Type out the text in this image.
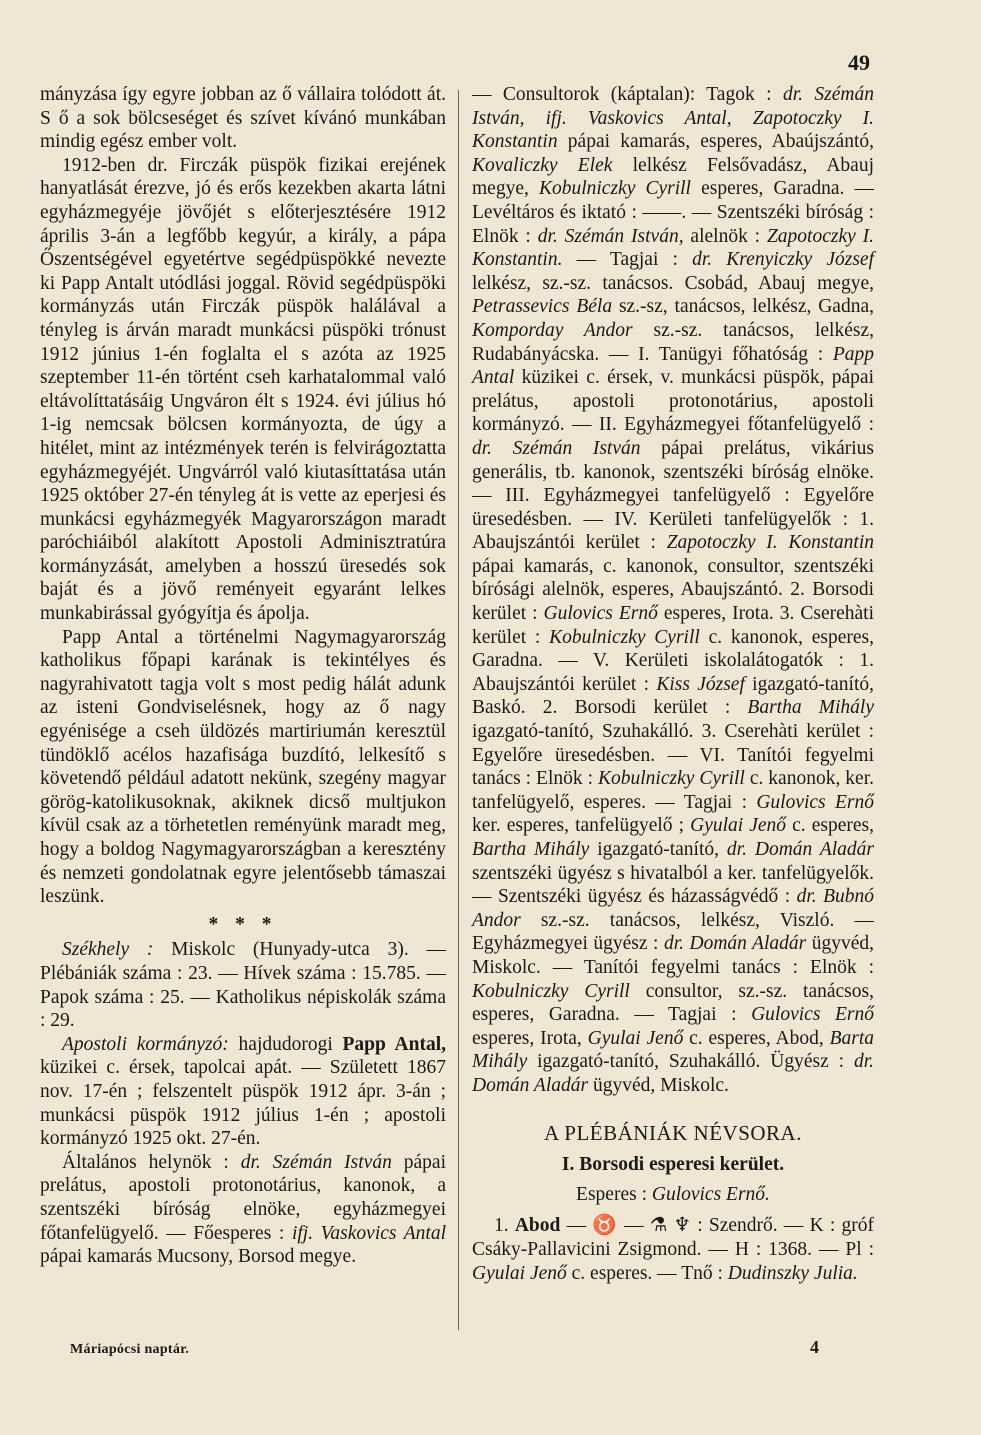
49

mányzása így egyre jobban az ő vállaira tolódott át. S ő a sok bölcseséget és szívet kívánó munkában mindig egész ember volt.

1912-ben dr. Firczák püspök fizikai erejének hanyatlását érezve, jó és erős kezekben akarta látni egyházmegyéje jövőjét s előterjesztésére 1912 április 3-án a legfőbb kegyúr, a király, a pápa Őszentségével egyetértve segédpüspökké nevezte ki Papp Antalt utódlási joggal. Rövid segédpüspöki kormányzás után Firczák püspök halálával a tényleg is árván maradt munkácsi püspöki trónust 1912 június 1-én foglalta el s azóta az 1925 szeptember 11-én történt cseh karhatalommal való eltávolíttatásáig Ungváron élt s 1924. évi július hó 1-ig nemcsak bölcsen kormányozta, de úgy a hitélet, mint az intézmények terén is felvirágoztatta egyházmegyéjét. Ungvárról való kiutasíttatása után 1925 október 27-én tényleg át is vette az eperjesi és munkácsi egyházmegyék Magyarországon maradt paróchiáiból alakított Apostoli Adminisztratúra kormányzását, amelyben a hosszú üresedés sok baját és a jövő reményeit egyaránt lelkes munkabirással gyógyítja és ápolja.

Papp Antal a történelmi Nagymagyarország katholikus főpapi karának is tekintélyes és nagyrahivatott tagja volt s most pedig hálát adunk az isteni Gondviselésnek, hogy az ő nagy egyénisége a cseh üldözés martiriumán keresztül tündöklő acélos hazafisága buzdító, lelkesítő s követendő például adatott nekünk, szegény magyar görög-katolikusoknak, akiknek dicső multjukon kívül csak az a törhetetlen reményünk maradt meg, hogy a boldog Nagymagyarországban a keresztény és nemzeti gondolatnak egyre jelentősebb támaszai leszünk.

* * *

Székhely : Miskolc (Hunyady-utca 3). — Plébániák száma : 23. — Hívek száma : 15.785. — Papok száma : 25. — Katholikus népiskolák száma : 29.

Apostoli kormányzó: hajdudorogi Papp Antal, küzikei c. érsek, tapolcai apát. — Született 1867 nov. 17-én ; felszentelt püspök 1912 ápr. 3-án ; munkácsi püspök 1912 július 1-én ; apostoli kormányzó 1925 okt. 27-én.

Általános helynök : dr. Szémán István pápai prelátus, apostoli protonotárius, kanonok, a szentszéki bíróság elnöke, egyházmegyei főtanfelügyelő. — Főesperes : ifj. Vaskovics Antal pápai kamarás Mucsony, Borsod megye.

— Consultorok (káptalan): Tagok : dr. Szémán István, ifj. Vaskovics Antal, Zapotoczky I. Konstantin pápai kamarás, esperes, Abaújszántó, Kovaliczky Elek lelkész Felsővadász, Abauj megye, Kobulniczky Cyrill esperes, Garadna. — Levéltáros és iktató : ——. — Szentszéki bíróság : Elnök : dr. Szémán István, alelnök : Zapotoczky I. Konstantin. — Tagjai : dr. Krenyiczky József lelkész, sz.-sz. tanácsos. Csobád, Abauj megye, Petrassevics Béla sz.-sz, tanácsos, lelkész, Gadna, Komporday Andor sz.-sz. tanácsos, lelkész, Rudabányácska. — I. Tanügyi főhatóság : Papp Antal küzikei c. érsek, v. munkácsi püspök, pápai prelátus, apostoli protonotárius, apostoli kormányzó. — II. Egyházmegyei főtanfelügyelő : dr. Szémán István pápai prelátus, vikárius generális, tb. kanonok, szentszéki bíróság elnöke. — III. Egyházmegyei tanfelügyelő : Egyelőre üresedésben. — IV. Kerületi tanfelügyelők : 1. Abaujszántói kerület : Zapotoczky I. Konstantin pápai kamarás, c. kanonok, consultor, szentszéki bírósági alelnök, esperes, Abaujszántó. 2. Borsodi kerület : Gulovics Ernő esperes, Irota. 3. Cserehàti kerület : Kobulniczky Cyrill c. kanonok, esperes, Garadna. — V. Kerületi iskolalátogatók : 1. Abaujszántói kerület : Kiss József igazgató-tanító, Baskó. 2. Borsodi kerület : Bartha Mihály igazgató-tanító, Szuhakálló. 3. Cserehàti kerület : Egyelőre üresedésben. — VI. Tanítói fegyelmi tanács : Elnök : Kobulniczky Cyrill c. kanonok, ker. tanfelügyelő, esperes. — Tagjai : Gulovics Ernő ker. esperes, tanfelügyelő ; Gyulai Jenő c. esperes, Bartha Mihály igazgató-tanító, dr. Domán Aladár szentszéki ügyész s hivatalból a ker. tanfelügyelők. — Szentszéki ügyész és házasságvédő : dr. Bubnó Andor sz.-sz. tanácsos, lelkész, Viszló. — Egyházmegyei ügyész : dr. Domán Aladár ügyvéd, Miskolc. — Tanítói fegyelmi tanács : Elnök : Kobulniczky Cyrill consultor, sz.-sz. tanácsos, esperes, Garadna. — Tagjai : Gulovics Ernő esperes, Irota, Gyulai Jenő c. esperes, Abod, Barta Mihály igazgató-tanító, Szuhakálló. Ügyész : dr. Domán Aladár ügyvéd, Miskolc.

A PLÉBÁNIÁK NÉVSORA.
I. Borsodi esperesi kerület.
Esperes : Gulovics Ernő.

1. Abod — ♉ — ⚗ ♆ : Szendrő. — K : gróf Csáky-Pallavicini Zsigmond. — H : 1368. — Pl : Gyulai Jenő c. esperes. — Tnő : Dudinszky Julia.

Máriapócsi naptár.	4
